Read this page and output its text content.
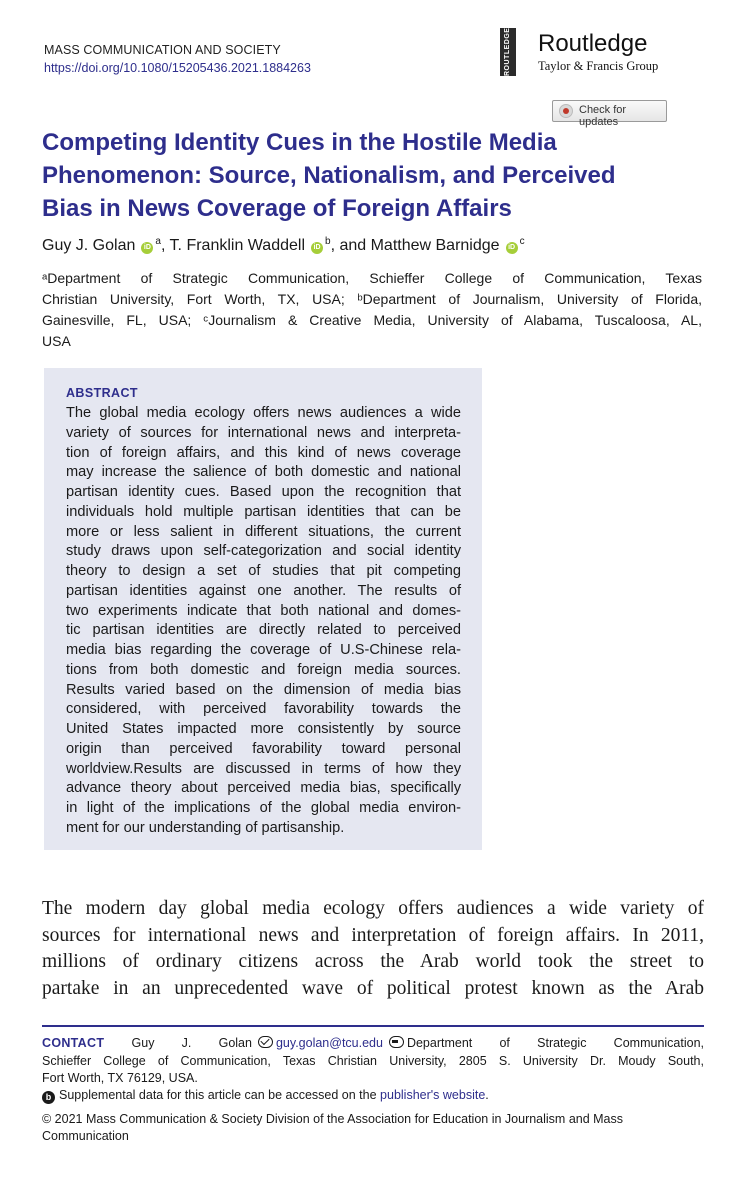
MASS COMMUNICATION AND SOCIETY
https://doi.org/10.1080/15205436.2021.1884263	ROUTLEDGE Routledge
Taylor & Francis Group
Check for updates
Competing Identity Cues in the Hostile Media
Phenomenon: Source, Nationalism, and Perceived
Bias in News Coverage of Foreign Affairs
Guy J. Golan $iD^a$, T. Franklin Waddell $iD^b$, and Matthew Barnidge $iD^c$
ᵃDepartment of Strategic Communication, Schieffer College of Communication, Texas
Christian University, Fort Worth, TX, USA; ᵇDepartment of Journalism, University of Florida,
Gainesville, FL, USA; ᶜJournalism & Creative Media, University of Alabama, Tuscaloosa, AL,
USA
ABSTRACT
The global media ecology offers news audiences a wide
variety of sources for international news and interpreta-
tion of foreign affairs, and this kind of news coverage
may increase the salience of both domestic and national
partisan identity cues. Based upon the recognition that
individuals hold multiple partisan identities that can be
more or less salient in different situations, the current
study draws upon self-categorization and social identity
theory to design a set of studies that pit competing
partisan identities against one another. The results of
two experiments indicate that both national and domes-
tic partisan identities are directly related to perceived
media bias regarding the coverage of U.S-Chinese rela-
tions from both domestic and foreign media sources.
Results varied based on the dimension of media bias
considered, with perceived favorability towards the
United States impacted more consistently by source
origin than perceived favorability toward personal
worldview.Results are discussed in terms of how they
advance theory about perceived media bias, specifically
in light of the implications of the global media environ-
ment for our understanding of partisanship.
The modern day global media ecology offers audiences a wide variety of
sources for international news and interpretation of foreign affairs. In 2011,
millions of ordinary citizens across the Arab world took the street to
partake in an unprecedented wave of political protest known as the Arab
CONTACT Guy J. Golan guy.golan@tcu.edu Department of Strategic Communication,
Schieffer College of Communication, Texas Christian University, 2805 S. University Dr. Moudy South,
Fort Worth, TX 76129, USA.
b Supplemental data for this article can be accessed on the publisher's website.
© 2021 Mass Communication & Society Division of the Association for Education in Journalism and Mass
Communication
